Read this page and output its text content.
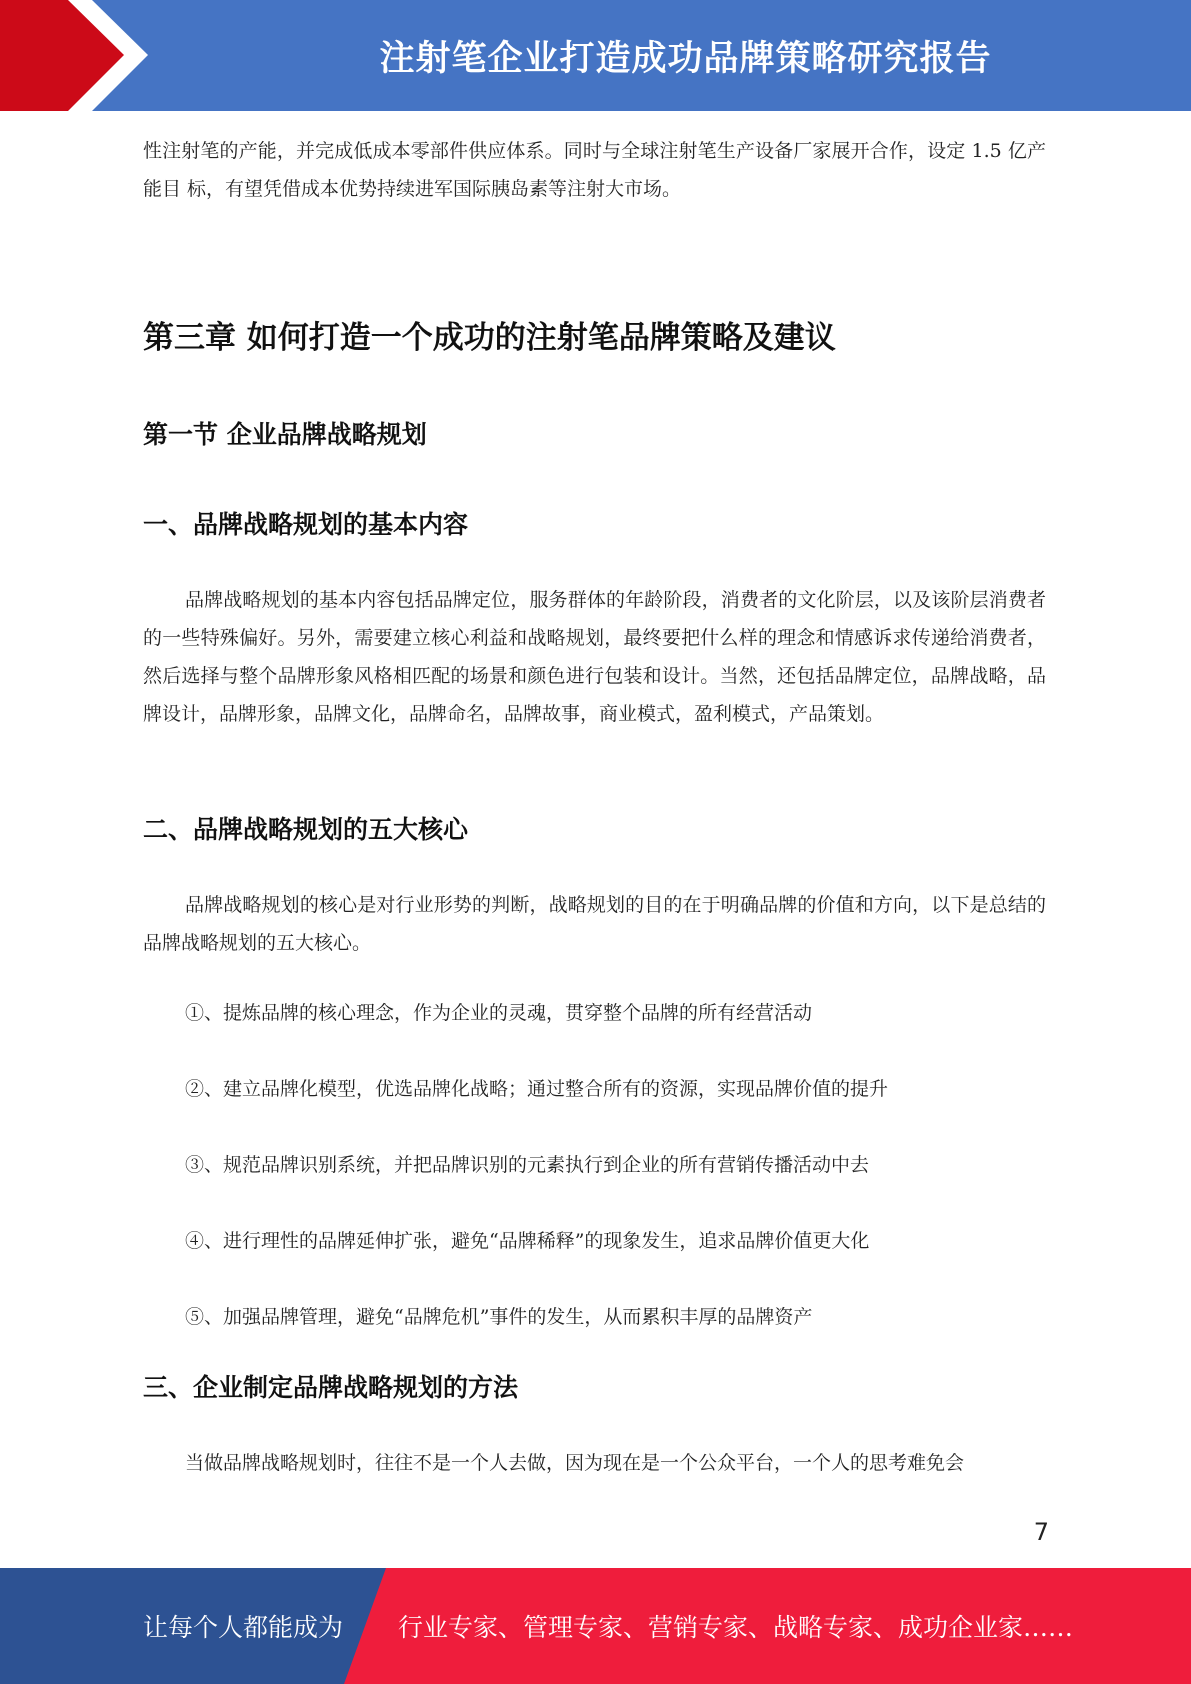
注射笔企业打造成功品牌策略研究报告

性注射笔的产能，并完成低成本零部件供应体系。同时与全球注射笔生产设备厂家展开合作，设定 1.5 亿产能目 标，有望凭借成本优势持续进军国际胰岛素等注射大市场。

第三章 如何打造一个成功的注射笔品牌策略及建议
第一节 企业品牌战略规划
一、品牌战略规划的基本内容

品牌战略规划的基本内容包括品牌定位，服务群体的年龄阶段，消费者的文化阶层，以及该阶层消费者的一些特殊偏好。另外，需要建立核心利益和战略规划，最终要把什么样的理念和情感诉求传递给消费者，然后选择与整个品牌形象风格相匹配的场景和颜色进行包装和设计。当然，还包括品牌定位，品牌战略，品牌设计，品牌形象，品牌文化，品牌命名，品牌故事，商业模式，盈利模式，产品策划。

二、品牌战略规划的五大核心

品牌战略规划的核心是对行业形势的判断，战略规划的目的在于明确品牌的价值和方向，以下是总结的品牌战略规划的五大核心。

①、提炼品牌的核心理念，作为企业的灵魂，贯穿整个品牌的所有经营活动
②、建立品牌化模型，优选品牌化战略；通过整合所有的资源，实现品牌价值的提升
③、规范品牌识别系统，并把品牌识别的元素执行到企业的所有营销传播活动中去
④、进行理性的品牌延伸扩张，避免“品牌稀释”的现象发生，追求品牌价值更大化
⑤、加强品牌管理，避免“品牌危机”事件的发生，从而累积丰厚的品牌资产
三、企业制定品牌战略规划的方法

当做品牌战略规划时，往往不是一个人去做，因为现在是一个公众平台，一个人的思考难免会

7
让每个人都能成为 行业专家、管理专家、营销专家、战略专家、成功企业家……
